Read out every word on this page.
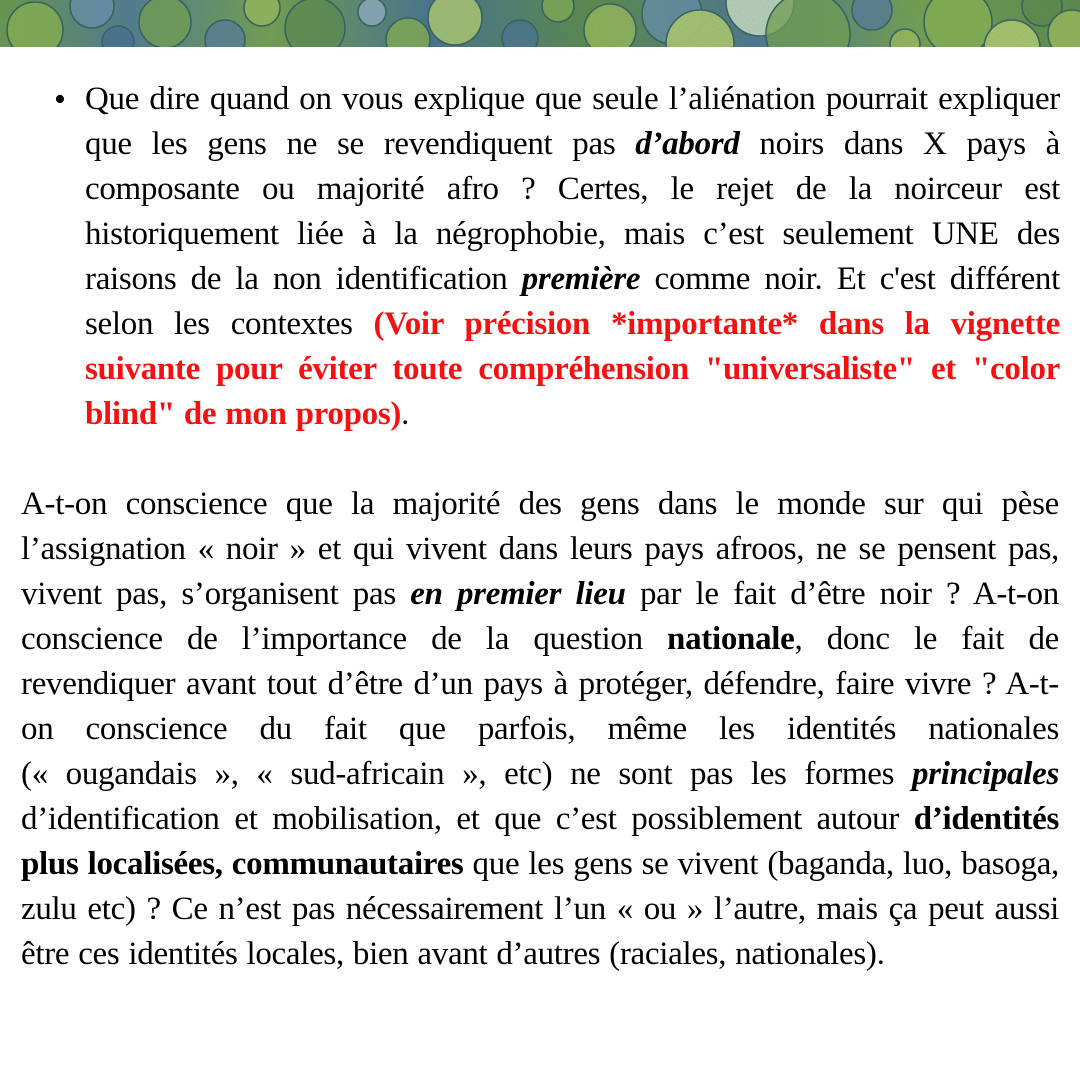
• Que dire quand on vous explique que seule l’aliénation pourrait expliquer que les gens ne se revendiquent pas d’abord noirs dans X pays à composante ou majorité afro ? Certes, le rejet de la noirceur est historiquement liée à la négrophobie, mais c’est seulement UNE des raisons de la non identification première comme noir. Et c'est différent selon les contextes (Voir précision *importante* dans la vignette suivante pour éviter toute compréhension "universaliste" et "color blind" de mon propos).

A-t-on conscience que la majorité des gens dans le monde sur qui pèse l’assignation « noir » et qui vivent dans leurs pays afroos, ne se pensent pas, vivent pas, s’organisent pas en premier lieu par le fait d’être noir ? A-t-on conscience de l’importance de la question nationale, donc le fait de revendiquer avant tout d’être d’un pays à protéger, défendre, faire vivre ? A-t-on conscience du fait que parfois, même les identités nationales (« ougandais », « sud-africain », etc) ne sont pas les formes principales d’identification et mobilisation, et que c’est possiblement autour d’identités plus localisées, communautaires que les gens se vivent (baganda, luo, basoga, zulu etc) ? Ce n’est pas nécessairement l’un « ou » l’autre, mais ça peut aussi être ces identités locales, bien avant d’autres (raciales, nationales).
